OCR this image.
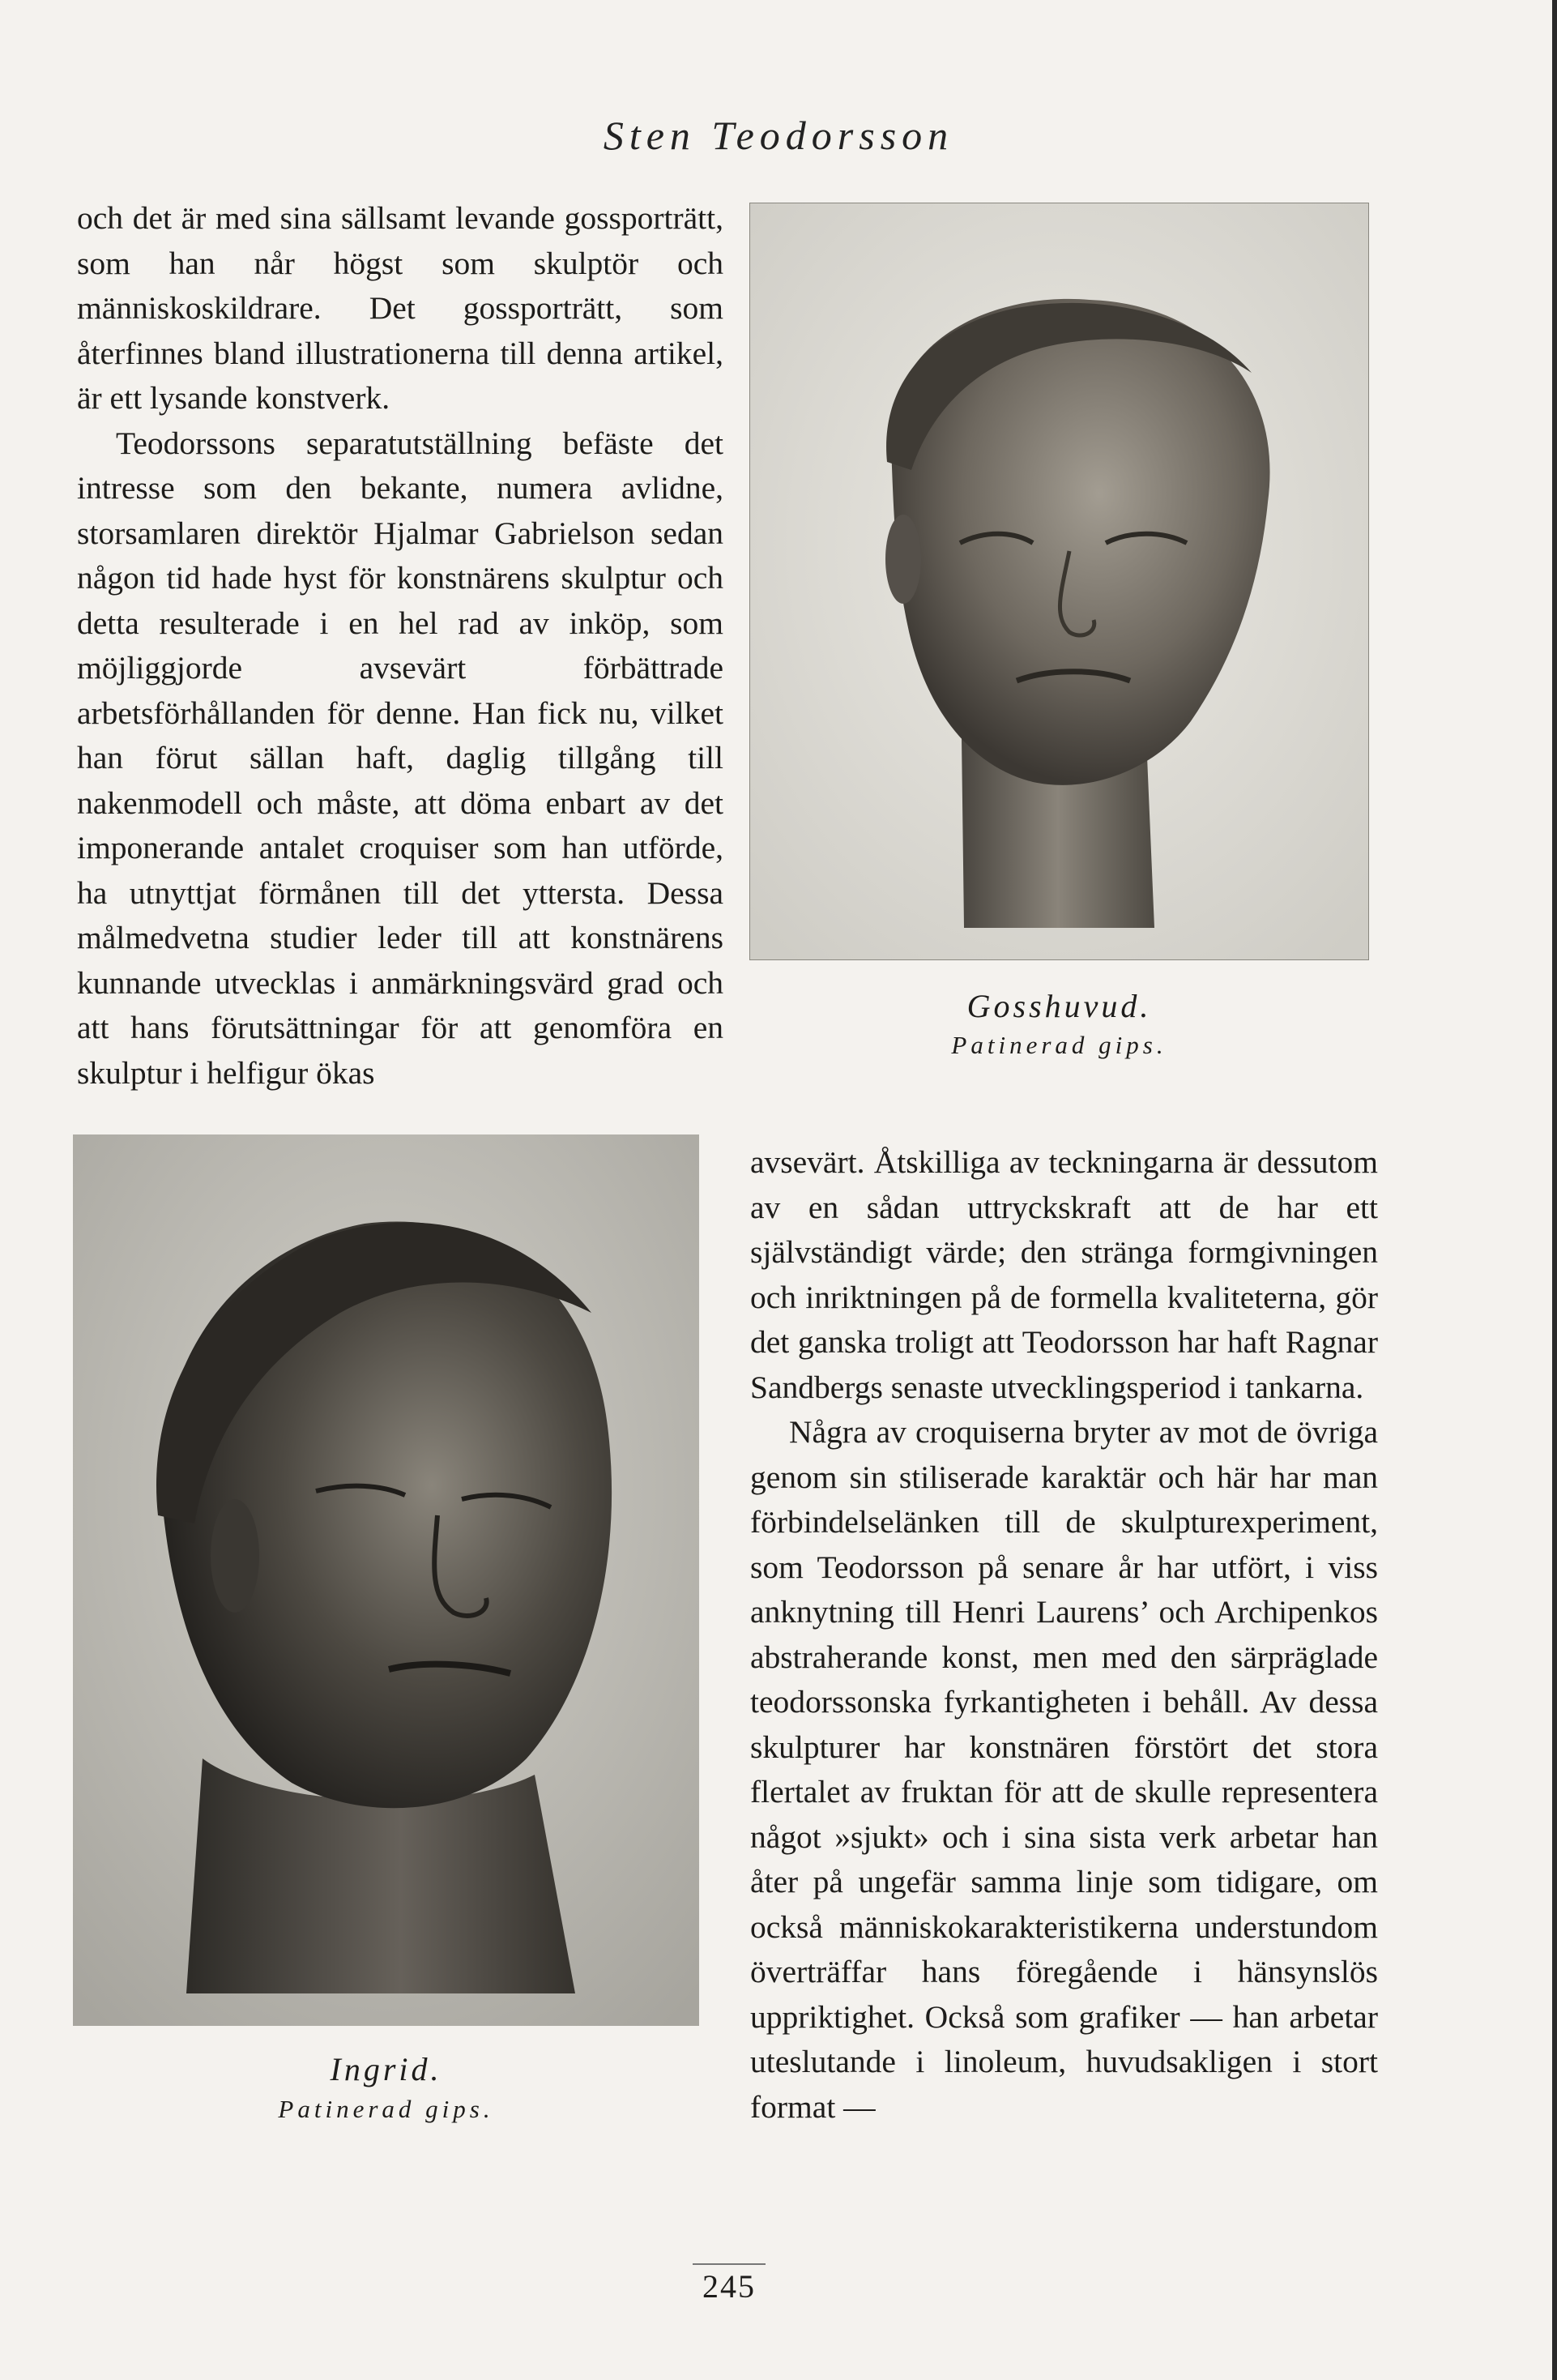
Sten Teodorsson

och det är med sina sällsamt levande gossporträtt, som han når högst som skulptör och människoskildrare. Det gossporträtt, som återfinnes bland illustrationerna till denna artikel, är ett lysande konstverk.

Teodorssons separatutställning befäste det intresse som den bekante, numera avlidne, storsamlaren direktör Hjalmar Gabrielson sedan någon tid hade hyst för konstnärens skulptur och detta resulterade i en hel rad av inköp, som möjliggjorde avsevärt förbättrade arbetsförhållanden för denne. Han fick nu, vilket han förut sällan haft, daglig tillgång till nakenmodell och måste, att döma enbart av det imponerande antalet croquiser som han utförde, ha utnyttjat förmånen till det yttersta. Dessa målmedvetna studier leder till att konstnärens kunnande utvecklas i anmärkningsvärd grad och att hans förutsättningar för att genomföra en skulptur i helfigur ökas

Gosshuvud.
Patinerad gips.
Ingrid.
Patinerad gips.

avsevärt. Åtskilliga av teckningarna är dessutom av en sådan uttryckskraft att de har ett självständigt värde; den stränga formgivningen och inriktningen på de formella kvaliteterna, gör det ganska troligt att Teodorsson har haft Ragnar Sandbergs senaste utvecklingsperiod i tankarna.

Några av croquiserna bryter av mot de övriga genom sin stiliserade karaktär och här har man förbindelselänken till de skulpturexperiment, som Teodorsson på senare år har utfört, i viss anknytning till Henri Laurens’ och Archipenkos abstraherande konst, men med den särpräglade teodorssonska fyrkantigheten i behåll. Av dessa skulpturer har konstnären förstört det stora flertalet av fruktan för att de skulle representera något »sjukt» och i sina sista verk arbetar han åter på ungefär samma linje som tidigare, om också människokarakteristikerna understundom överträffar hans föregående i hänsynslös uppriktighet. Också som grafiker — han arbetar uteslutande i linoleum, huvudsakligen i stort format —

245
